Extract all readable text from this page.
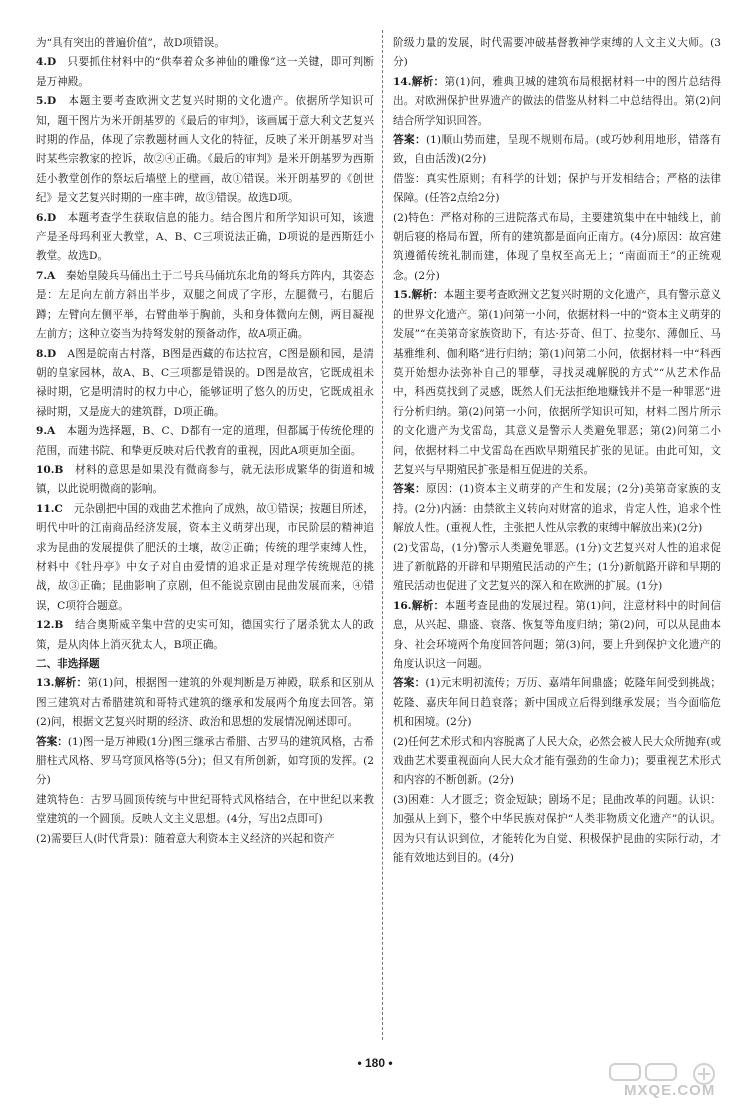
为“具有突出的普遍价值”，故D项错误。

4.D　 只要抓住材料中的“供奉着众多神仙的雕像”这一关键，即可判断是万神殿。

5.D　 本题主要考查欧洲文艺复兴时期的文化遗产。依据所学知识可知，题干图片为米开朗基罗的《最后的审判》，该画属于意大利文艺复兴时期的作品，体现了宗教题材画人文化的特征，反映了米开朗基罗对当时某些宗教家的控诉，故②④正确。《最后的审判》是米开朗基罗为西斯廷小教堂创作的祭坛后墙壁上的壁画，故①错误。米开朗基罗的《创世纪》是文艺复兴时期的一座丰碑，故③错误。故选D项。

6.D　 本题考查学生获取信息的能力。结合图片和所学知识可知，该遗产是圣母玛利亚大教堂，A、B、C三项说法正确，D项说的是西斯廷小教堂。故选D。

7.A　 秦始皇陵兵马俑出土于二号兵马俑坑东北角的弩兵方阵内，其姿态是：左足向左前方斜出半步，双腿之间成了字形，左腿微弓，右腿后蹲；左臂向左侧平举，右臂曲举于胸前，头和身体微向左侧，两目凝视左前方；这种立姿当为持弩发射的预备动作，故A项正确。

8.D　 A图是皖南古村落，B图是西藏的布达拉宫，C图是颐和园，是清朝的皇家园林，故A、B、C三项都是错误的。D图是故宫，它既成祖未禄时期，它是明清时的权力中心，能够证明了悠久的历史，它既成祖永禄时期，又是庞大的建筑群，D项正确。

9.A　 本题为选择题，B、C、D都有一定的道理，但都属于传统伦理的范围，而建书院、和挚更反映对后代教育的重视，因此A项更加全面。

10.B　 材料的意思是如果没有微商参与，就无法形成繁华的街道和城镇，以此说明微商的影响。

11.C　 元杂剧把中国的戏曲艺术推向了成熟，故①错误；按题目所述，明代中叶的江南商品经济发展，资本主义萌芽出现，市民阶层的精神追求为昆曲的发展提供了肥沃的土壤，故②正确；传统的理学束缚人性，材料中《牡丹亭》中女子对自由爱情的追求正是对理学传统规范的挑战，故③正确；昆曲影响了京剧，但不能说京剧由昆曲发展而来，④错误，C项符合题意。

12.B　 结合奥斯威辛集中营的史实可知，德国实行了屠杀犹太人的政策，是从肉体上消灭犹太人，B项正确。

二、非选择题

13.解析：第(1)问，根据图一建筑的外观判断是万神殿，联系和区别从图三建筑对古希腊建筑和哥特式建筑的继承和发展两个角度去回答。第(2)问，根据文艺复兴时期的经济、政治和思想的发展情况阐述即可。

答案：(1)图一是万神殿(1分)图三继承古希腊、古罗马的建筑风格，古希腊柱式风格、罗马穹顶风格等(5分)；但又有所创新，如穹顶的发挥。(2分)

建筑特色：古罗马圆顶传统与中世纪哥特式风格结合，在中世纪以来教堂建筑的一个圆顶。反映人文主义思想。(4分，写出2点即可)

(2)需要巨人(时代背景)：随着意大利资本主义经济的兴起和资产

阶级力量的发展，时代需要冲破基督教神学束缚的人文主义大师。(3分)

14.解析：第(1)问，雅典卫城的建筑布局根据材料一中的图片总结得出。对欧洲保护世界遗产的做法的借鉴从材料二中总结得出。第(2)问结合所学知识回答。

答案：(1)顺山势而建，呈现不规则布局。(或巧妙利用地形，错落有致，自由活泼)(2分)

借鉴：真实性原则；有科学的计划；保护与开发相结合；严格的法律保障。(任答2点给2分)

(2)特色：严格对称的三进院落式布局，主要建筑集中在中轴线上，前朝后寝的格局布置，所有的建筑都是面向正南方。(4分)原因：故宫建筑遵循传统礼制而建，体现了皇权至高无上；“南面而王”的正统观念。(2分)

15.解析：本题主要考查欧洲文艺复兴时期的文化遗产，具有警示意义的世界文化遗产。第(1)问第一小问，依据材料一中的“资本主义萌芽的发展”“在美第奇家族资助下，有达·芬奇、但丁、拉斐尔、薄伽丘、马基雅维利、伽利略”进行归纳；第(1)问第二小问，依据材料一中“科西莫开始想办法弥补自己的罪孽，寻找灵魂解脱的方式”“从艺术作品中，科西莫找到了灵感，既然人们无法拒绝地赚钱并不是一种罪恶”进行分析归纳。第(2)问第一小问，依据所学知识可知，材料二图片所示的文化遗产为戈雷岛，其意义是警示人类避免罪恶；第(2)问第二小问，依据材料二中戈雷岛在西欧早期殖民扩张的见证。由此可知，文艺复兴与早期殖民扩张是相互促进的关系。

答案：原因：(1)资本主义萌芽的产生和发展；(2分)美第奇家族的支持。(2分)内涵：由禁欲主义转向对财富的追求，肯定人性，追求个性解放人性。(重视人性，主张把人性从宗教的束缚中解放出来)(2分)

(2)戈雷岛，(1分)警示人类避免罪恶。(1分)文艺复兴对人性的追求促进了新航路的开辟和早期殖民活动的产生；(1分)新航路开辟和早期的殖民活动也促进了文艺复兴的深入和在欧洲的扩展。(1分)

16.解析：本题考查昆曲的发展过程。第(1)问，注意材料中的时间信息，从兴起、鼎盛、衰落、恢复等角度归纳；第(2)问，可以从昆曲本身、社会环境两个角度回答问题；第(3)问，要上升到保护文化遗产的角度认识这一问题。

答案：(1)元末明初流传；万历、嘉靖年间鼎盛；乾隆年间受到挑战；乾隆、嘉庆年间日趋衰落；新中国成立后得到继承发展；当今面临危机和困境。(2分)

(2)任何艺术形式和内容脱离了人民大众，必然会被人民大众所抛弃(或戏曲艺术要重视面向人民大众才能有强劲的生命力)；要重视艺术形式和内容的不断创新。(2分)

(3)困难：人才匮乏；资金短缺；剧场不足；昆曲改革的问题。认识：加强从上到下，整个中华民族对保护“人类非物质文化遗产”的认识。因为只有认识到位，才能转化为自觉、积极保护昆曲的实际行动，才能有效地达到目的。(4分)

• 180 •
MXQE.COM
